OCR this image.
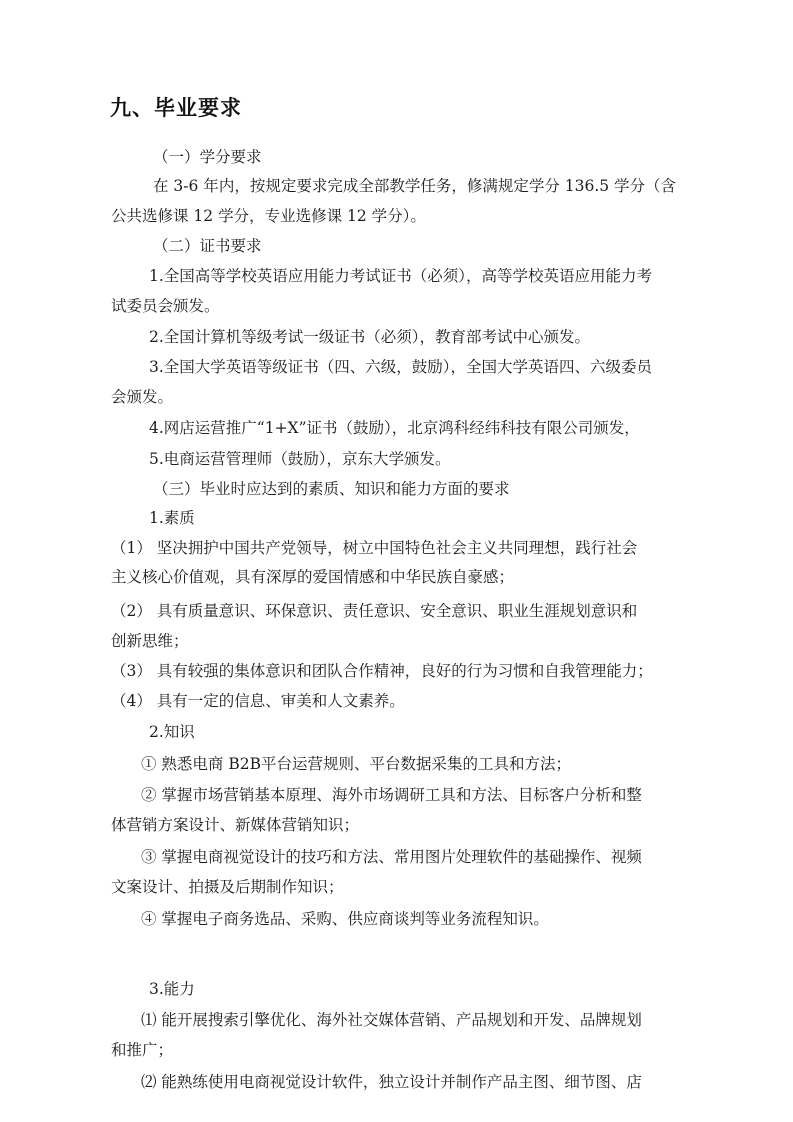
九、毕业要求
（一）学分要求
在 3-6 年内，按规定要求完成全部教学任务，修满规定学分 136.5 学分（含
公共选修课 12 学分，专业选修课 12 学分）。
（二）证书要求
1.全国高等学校英语应用能力考试证书（必须），高等学校英语应用能力考
试委员会颁发。
2.全国计算机等级考试一级证书（必须），教育部考试中心颁发。
3.全国大学英语等级证书（四、六级，鼓励），全国大学英语四、六级委员
会颁发。
4.网店运营推广“1+X”证书（鼓励），北京鸿科经纬科技有限公司颁发，
5.电商运营管理师（鼓励），京东大学颁发。
（三）毕业时应达到的素质、知识和能力方面的要求
1.素质
（1） 坚决拥护中国共产党领导，树立中国特色社会主义共同理想，践行社会
主义核心价值观，具有深厚的爱国情感和中华民族自豪感；
（2） 具有质量意识、环保意识、责任意识、安全意识、职业生涯规划意识和
创新思维；
（3） 具有较强的集体意识和团队合作精神，良好的行为习惯和自我管理能力；
（4） 具有一定的信息、审美和人文素养。
2.知识
① 熟悉电商 B2B平台运营规则、平台数据采集的工具和方法；
② 掌握市场营销基本原理、海外市场调研工具和方法、目标客户分析和整
体营销方案设计、新媒体营销知识；
③ 掌握电商视觉设计的技巧和方法、常用图片处理软件的基础操作、视频
文案设计、拍摄及后期制作知识；
④ 掌握电子商务选品、采购、供应商谈判等业务流程知识。
3.能力
⑴ 能开展搜索引擎优化、海外社交媒体营销、产品规划和开发、品牌规划
和推广；
⑵ 能熟练使用电商视觉设计软件，独立设计并制作产品主图、细节图、店
